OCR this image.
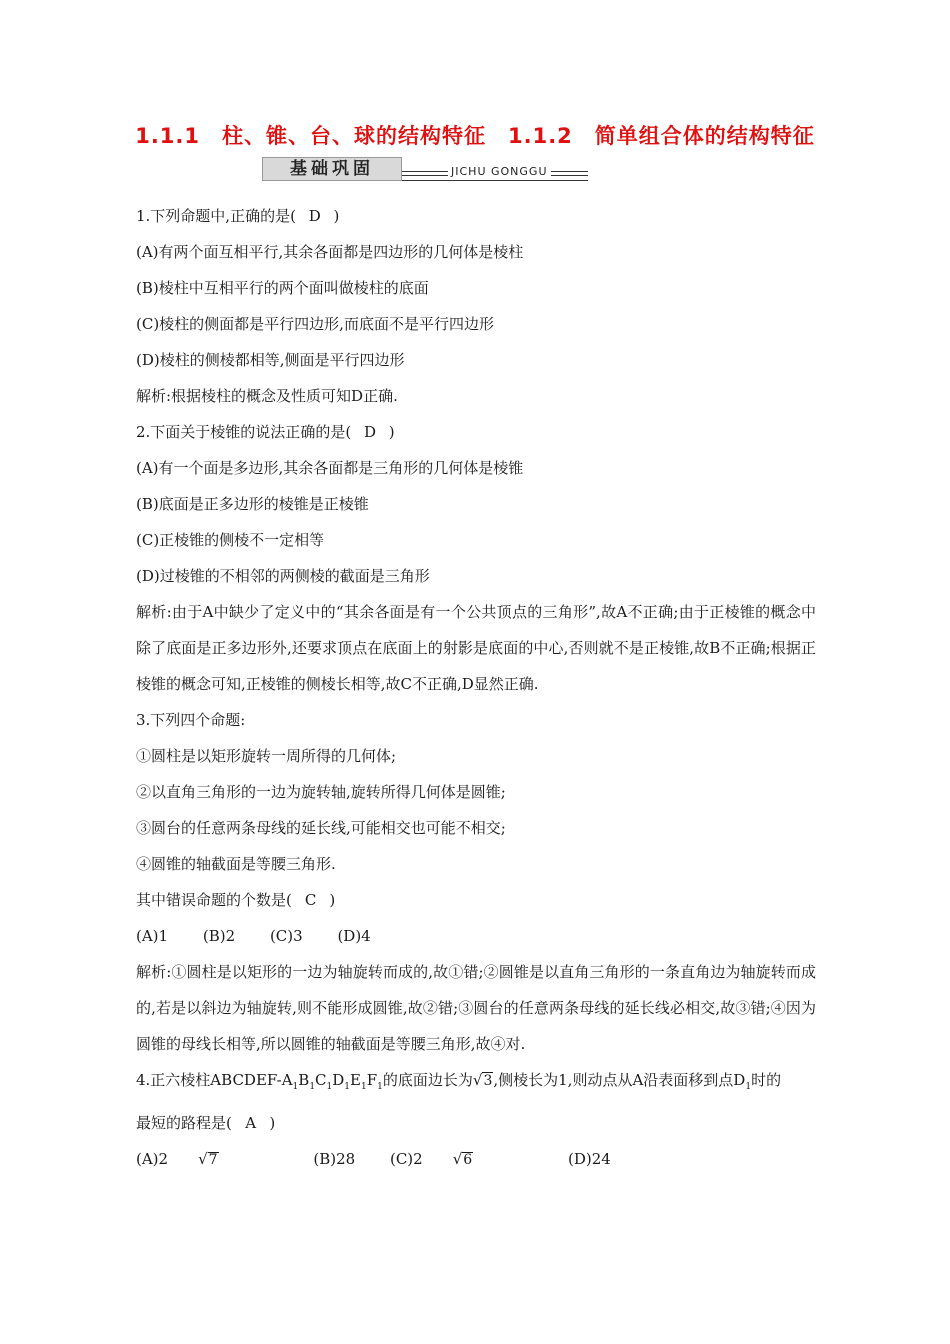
1.1.1　柱、锥、台、球的结构特征　1.1.2　简单组合体的结构特征
基础巩固	JICHU GONGGU
1.下列命题中,正确的是( D )
(A)有两个面互相平行,其余各面都是四边形的几何体是棱柱
(B)棱柱中互相平行的两个面叫做棱柱的底面
(C)棱柱的侧面都是平行四边形,而底面不是平行四边形
(D)棱柱的侧棱都相等,侧面是平行四边形
解析:根据棱柱的概念及性质可知D正确.
2.下面关于棱锥的说法正确的是( D )
(A)有一个面是多边形,其余各面都是三角形的几何体是棱锥
(B)底面是正多边形的棱锥是正棱锥
(C)正棱锥的侧棱不一定相等
(D)过棱锥的不相邻的两侧棱的截面是三角形
解析:由于A中缺少了定义中的“其余各面是有一个公共顶点的三角形”,故A不正确;由于正棱锥的概念中除了底面是正多边形外,还要求顶点在底面上的射影是底面的中心,否则就不是正棱锥,故B不正确;根据正棱锥的概念可知,正棱锥的侧棱长相等,故C不正确,D显然正确.
3.下列四个命题:
①圆柱是以矩形旋转一周所得的几何体;
②以直角三角形的一边为旋转轴,旋转所得几何体是圆锥;
③圆台的任意两条母线的延长线,可能相交也可能不相交;
④圆锥的轴截面是等腰三角形.
其中错误命题的个数是( C )
(A)1 (B)2 (C)3 (D)4
解析:①圆柱是以矩形的一边为轴旋转而成的,故①错;②圆锥是以直角三角形的一条直角边为轴旋转而成的,若是以斜边为轴旋转,则不能形成圆锥,故②错;③圆台的任意两条母线的延长线必相交,故③错;④因为圆锥的母线长相等,所以圆锥的轴截面是等腰三角形,故④对.
4.正六棱柱ABCDEF-$A_1B_1C_1D_1E_1F_1$的底面边长为√3,侧棱长为1,则动点从A沿表面移到点$D_1$时的
最短的路程是( A )
(A)2 √7	(B)28 (C)2 √6	(D)24
